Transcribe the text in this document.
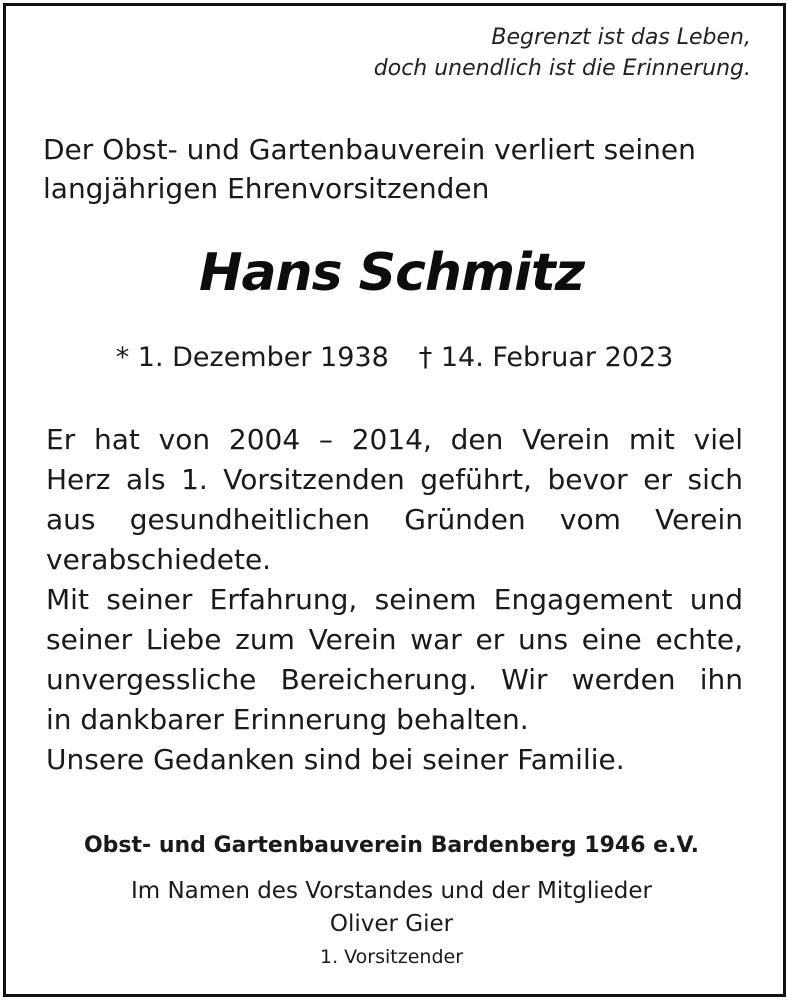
Begrenzt ist das Leben,
doch unendlich ist die Erinnerung.
Der Obst- und Gartenbauverein verliert seinen
langjährigen Ehrenvorsitzenden
Hans Schmitz
* 1. Dezember 1938 † 14. Februar 2023
Er hat von 2004 – 2014, den Verein mit viel
Herz als 1. Vorsitzenden geführt, bevor er sich
aus gesundheitlichen Gründen vom Verein
verabschiedete.
Mit seiner Erfahrung, seinem Engagement und
seiner Liebe zum Verein war er uns eine echte,
unvergessliche Bereicherung. Wir werden ihn
in dankbarer Erinnerung behalten.
Unsere Gedanken sind bei seiner Familie.
Obst- und Gartenbauverein Bardenberg 1946 e.V.
Im Namen des Vorstandes und der Mitglieder
Oliver Gier
1. Vorsitzender
